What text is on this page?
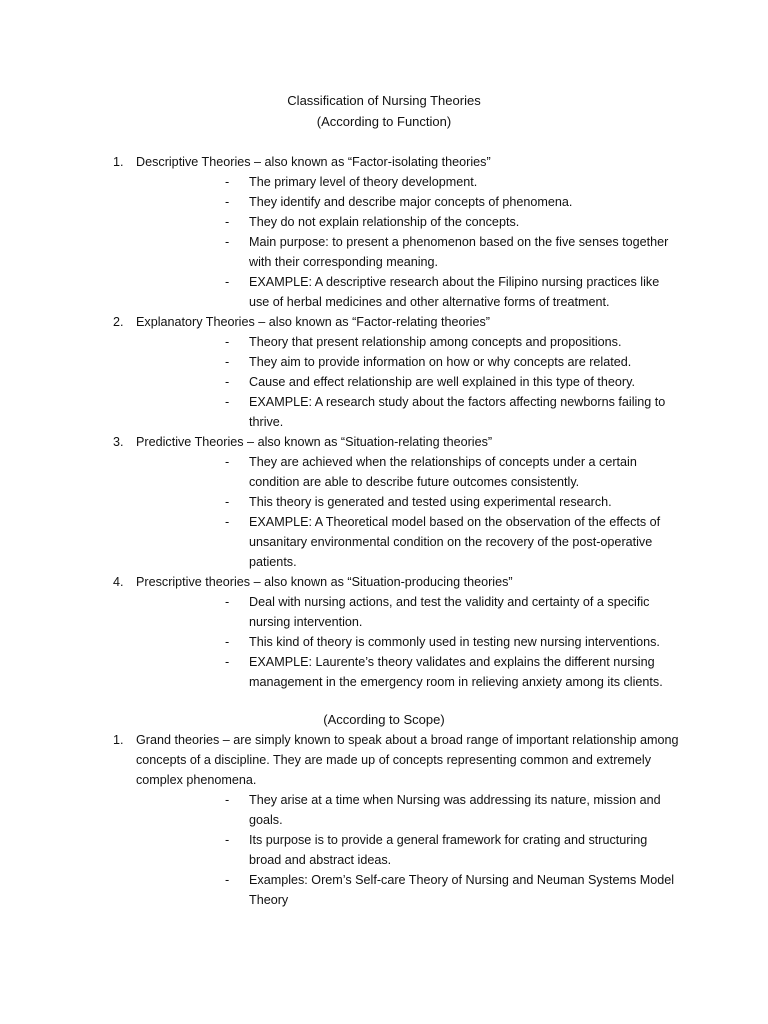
Classification of Nursing Theories
(According to Function)
1. Descriptive Theories – also known as “Factor-isolating theories”
- The primary level of theory development.
- They identify and describe major concepts of phenomena.
- They do not explain relationship of the concepts.
- Main purpose: to present a phenomenon based on the five senses together with their corresponding meaning.
- EXAMPLE: A descriptive research about the Filipino nursing practices like use of herbal medicines and other alternative forms of treatment.
2. Explanatory Theories – also known as “Factor-relating theories”
- Theory that present relationship among concepts and propositions.
- They aim to provide information on how or why concepts are related.
- Cause and effect relationship are well explained in this type of theory.
- EXAMPLE: A research study about the factors affecting newborns failing to thrive.
3. Predictive Theories – also known as “Situation-relating theories”
- They are achieved when the relationships of concepts under a certain condition are able to describe future outcomes consistently.
- This theory is generated and tested using experimental research.
- EXAMPLE: A Theoretical model based on the observation of the effects of unsanitary environmental condition on the recovery of the post-operative patients.
4. Prescriptive theories – also known as “Situation-producing theories”
- Deal with nursing actions, and test the validity and certainty of a specific nursing intervention.
- This kind of theory is commonly used in testing new nursing interventions.
- EXAMPLE: Laurente’s theory validates and explains the different nursing management in the emergency room in relieving anxiety among its clients.
(According to Scope)
1. Grand theories – are simply known to speak about a broad range of important relationship among concepts of a discipline. They are made up of concepts representing common and extremely complex phenomena.
- They arise at a time when Nursing was addressing its nature, mission and goals.
- Its purpose is to provide a general framework for crating and structuring broad and abstract ideas.
- Examples: Orem’s Self-care Theory of Nursing and Neuman Systems Model Theory
